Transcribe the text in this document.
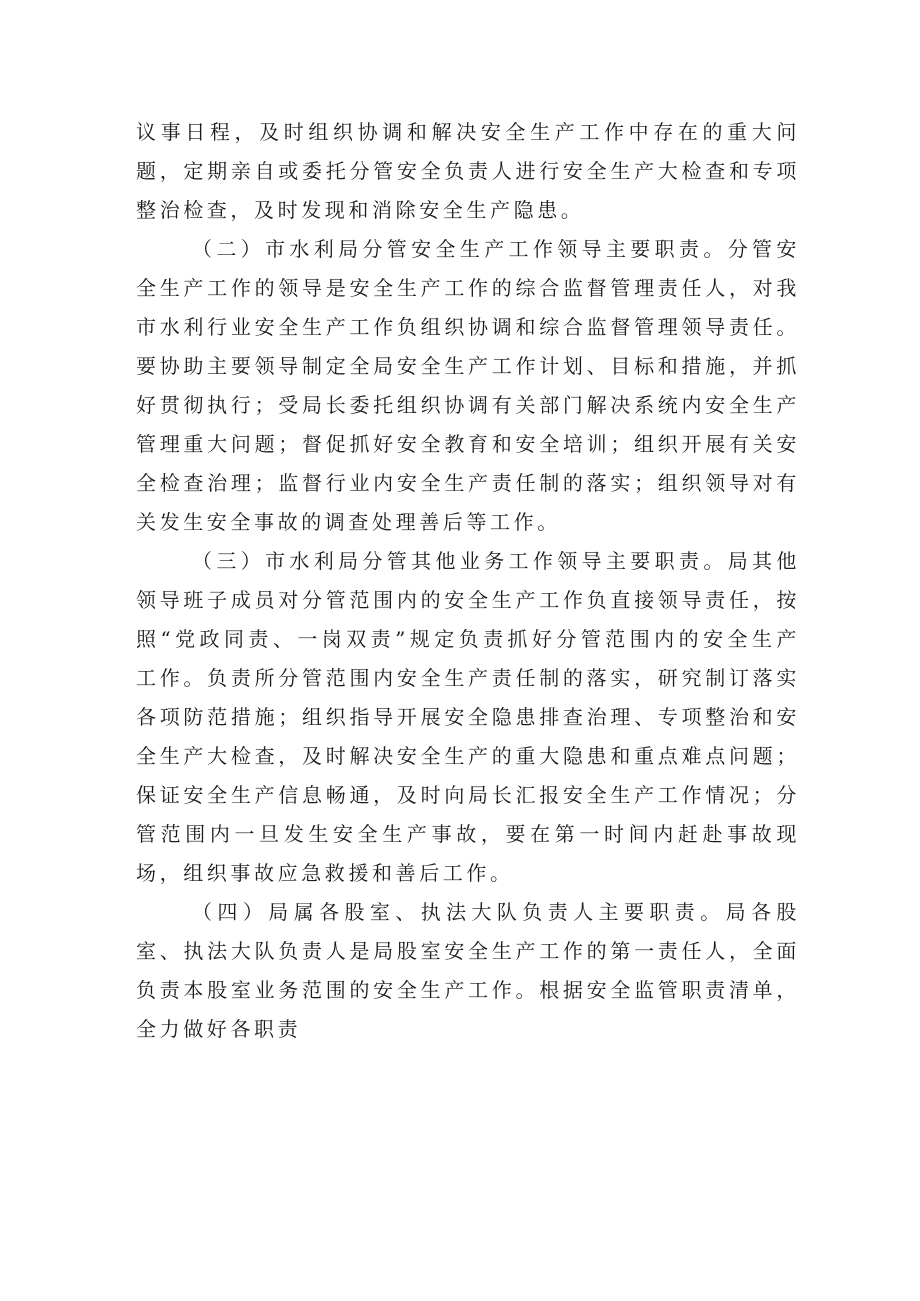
议事日程，及时组织协调和解决安全生产工作中存在的重大问题，定期亲自或委托分管安全负责人进行安全生产大检查和专项整治检查，及时发现和消除安全生产隐患。

（二）市水利局分管安全生产工作领导主要职责。分管安全生产工作的领导是安全生产工作的综合监督管理责任人，对我市水利行业安全生产工作负组织协调和综合监督管理领导责任。要协助主要领导制定全局安全生产工作计划、目标和措施，并抓好贯彻执行；受局长委托组织协调有关部门解决系统内安全生产管理重大问题；督促抓好安全教育和安全培训；组织开展有关安全检查治理；监督行业内安全生产责任制的落实；组织领导对有关发生安全事故的调查处理善后等工作。

（三）市水利局分管其他业务工作领导主要职责。局其他领导班子成员对分管范围内的安全生产工作负直接领导责任，按照“党政同责、一岗双责”规定负责抓好分管范围内的安全生产工作。负责所分管范围内安全生产责任制的落实，研究制订落实各项防范措施；组织指导开展安全隐患排查治理、专项整治和安全生产大检查，及时解决安全生产的重大隐患和重点难点问题；保证安全生产信息畅通，及时向局长汇报安全生产工作情况；分管范围内一旦发生安全生产事故，要在第一时间内赶赴事故现场，组织事故应急救援和善后工作。

（四）局属各股室、执法大队负责人主要职责。局各股室、执法大队负责人是局股室安全生产工作的第一责任人，全面负责本股室业务范围的安全生产工作。根据安全监管职责清单，全力做好各职责
